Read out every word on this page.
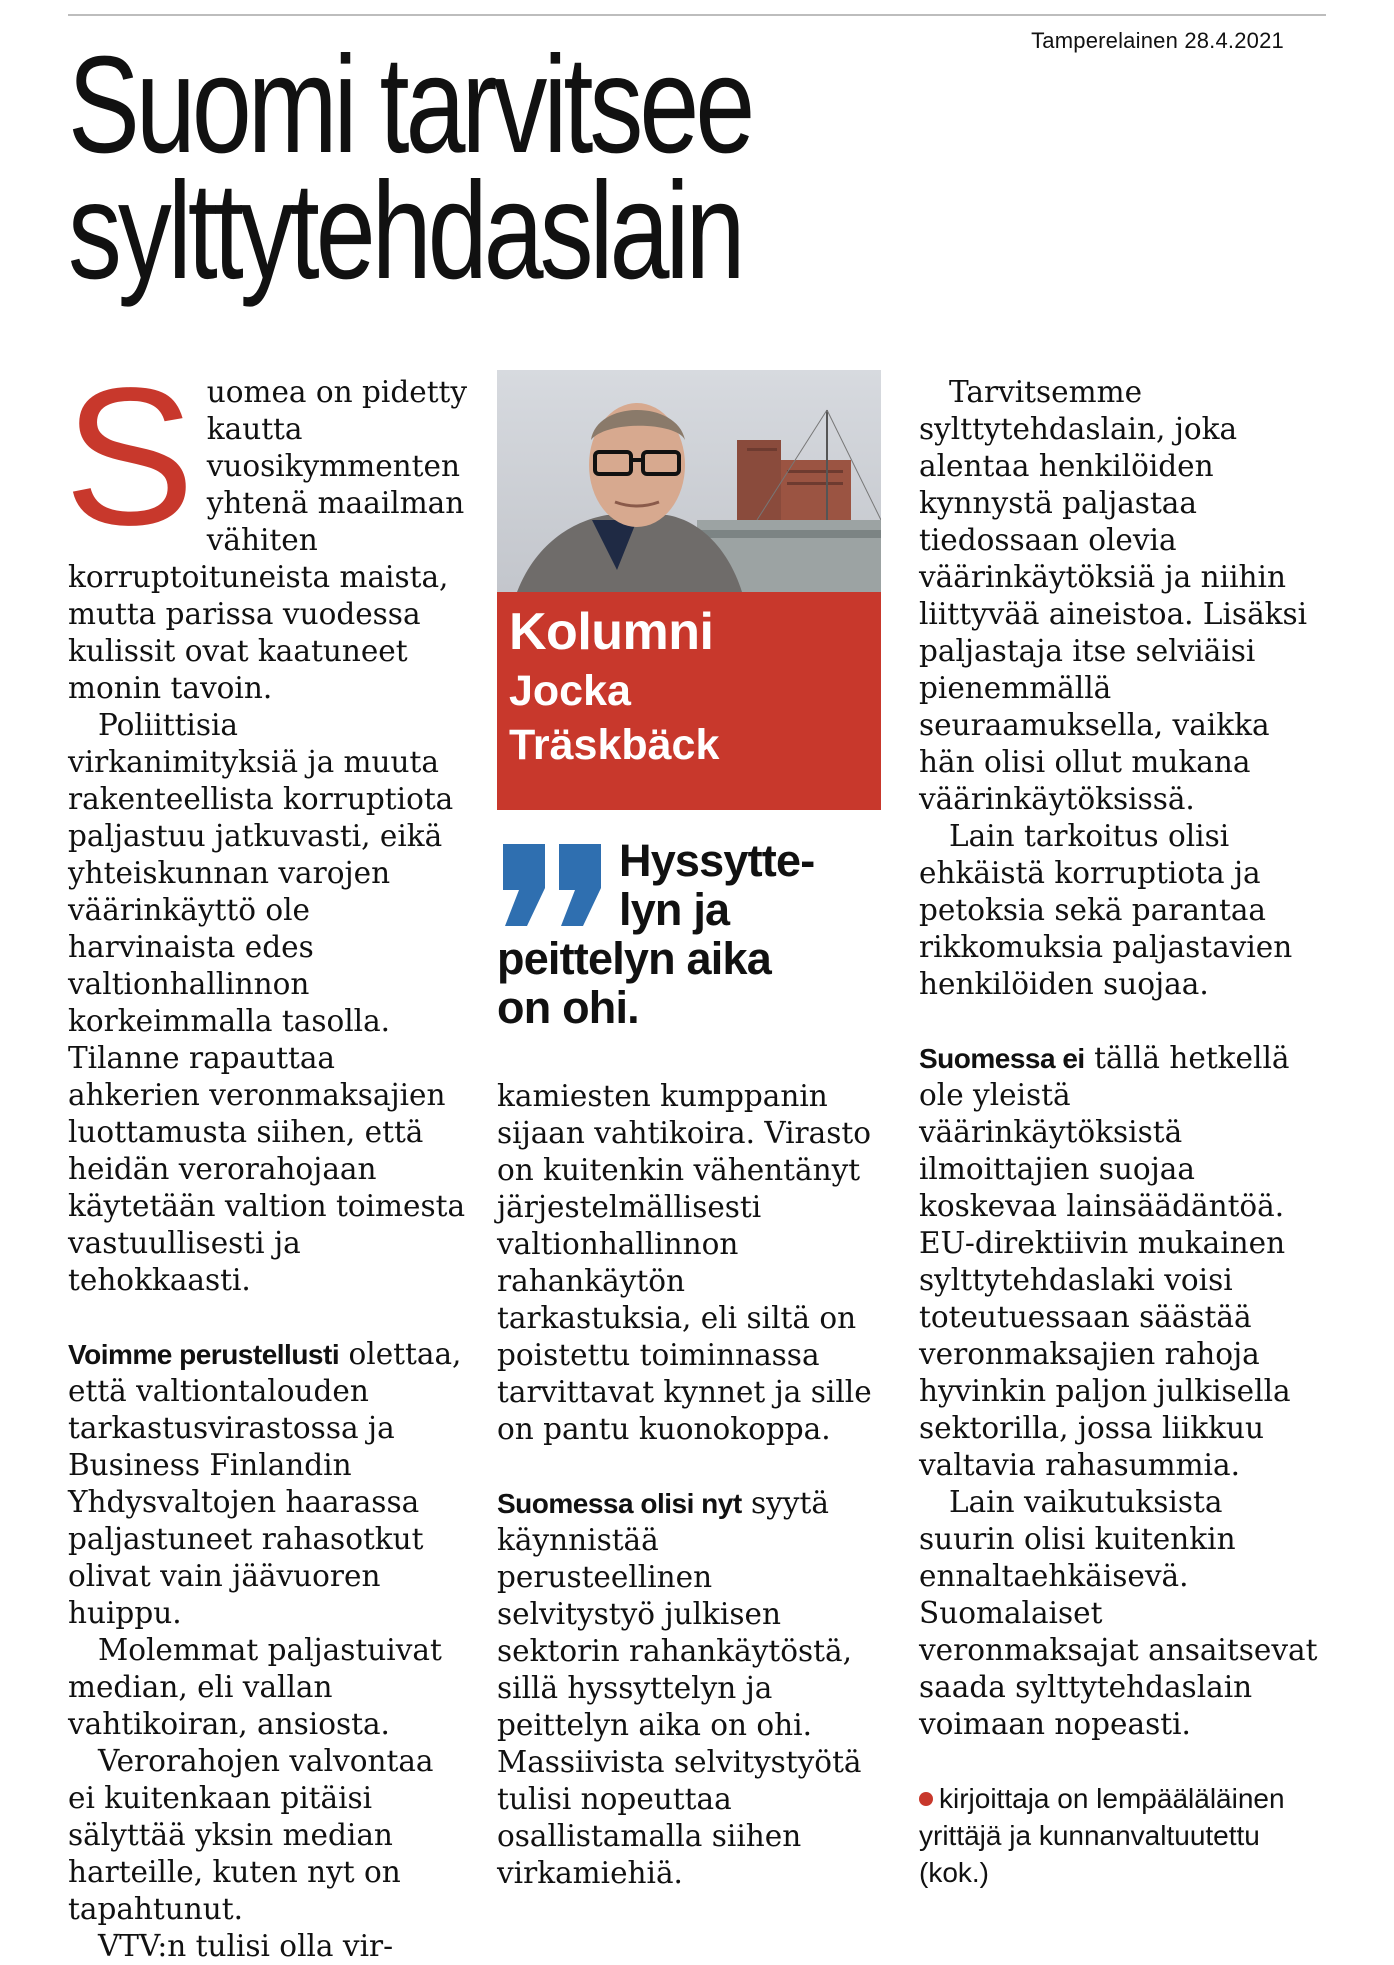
Tamperelainen 28.4.2021
Suomi tarvitsee
sylttytehdaslain

Suomea on pidetty kautta vuosikymmenten yhtenä maailman vähiten korruptoituneista maista, mutta parissa vuodessa kulissit ovat kaatuneet monin tavoin.

Poliittisia virkanimityksiä ja muuta rakenteellista korruptiota paljastuu jatkuvasti, eikä yhteiskunnan varojen väärinkäyttö ole harvinaista edes valtionhallinnon korkeimmalla tasolla. Tilanne rapauttaa ahkerien veronmaksajien luottamusta siihen, että heidän verorahojaan käytetään valtion toimesta vastuullisesti ja tehokkaasti.

Voimme perustellusti olettaa, että valtiontalouden tarkastusvirastossa ja Business Finlandin Yhdysvaltojen haarassa paljastuneet rahasotkut olivat vain jäävuoren huippu.

Molemmat paljastuivat median, eli vallan vahtikoiran, ansiosta.

Verorahojen valvontaa ei kuitenkaan pitäisi sälyttää yksin median harteille, kuten nyt on tapahtunut.

VTV:n tulisi olla vir-

Kolumni
Jocka
Träskbäck
Hyssytte-
lyn ja
peittelyn aika
on ohi.

kamiesten kumppanin sijaan vahtikoira. Virasto on kuitenkin vähentänyt järjestelmällisesti valtionhallinnon rahankäytön tarkastuksia, eli siltä on poistettu toiminnassa tarvittavat kynnet ja sille on pantu kuonokoppa.

Suomessa olisi nyt syytä käynnistää perusteellinen selvitystyö julkisen sektorin rahankäytöstä, sillä hyssyttelyn ja peittelyn aika on ohi. Massiivista selvitystyötä tulisi nopeuttaa osallistamalla siihen virkamiehiä.

Tarvitsemme sylttytehdaslain, joka alentaa henkilöiden kynnystä paljastaa tiedossaan olevia väärinkäytöksiä ja niihin liittyvää aineistoa. Lisäksi paljastaja itse selviäisi pienemmällä seuraamuksella, vaikka hän olisi ollut mukana väärinkäytöksissä.

Lain tarkoitus olisi ehkäistä korruptiota ja petoksia sekä parantaa rikkomuksia paljastavien henkilöiden suojaa.

Suomessa ei tällä hetkellä ole yleistä väärinkäytöksistä ilmoittajien suojaa koskevaa lainsäädäntöä. EU-direktiivin mukainen sylttytehdaslaki voisi toteutuessaan säästää veronmaksajien rahoja hyvinkin paljon julkisella sektorilla, jossa liikkuu valtavia rahasummia.

Lain vaikutuksista suurin olisi kuitenkin ennaltaehkäisevä. Suomalaiset veronmaksajat ansaitsevat saada sylttytehdaslain voimaan nopeasti.

kirjoittaja on lempääläläinen yrittäjä ja kunnanvaltuutettu (kok.)
